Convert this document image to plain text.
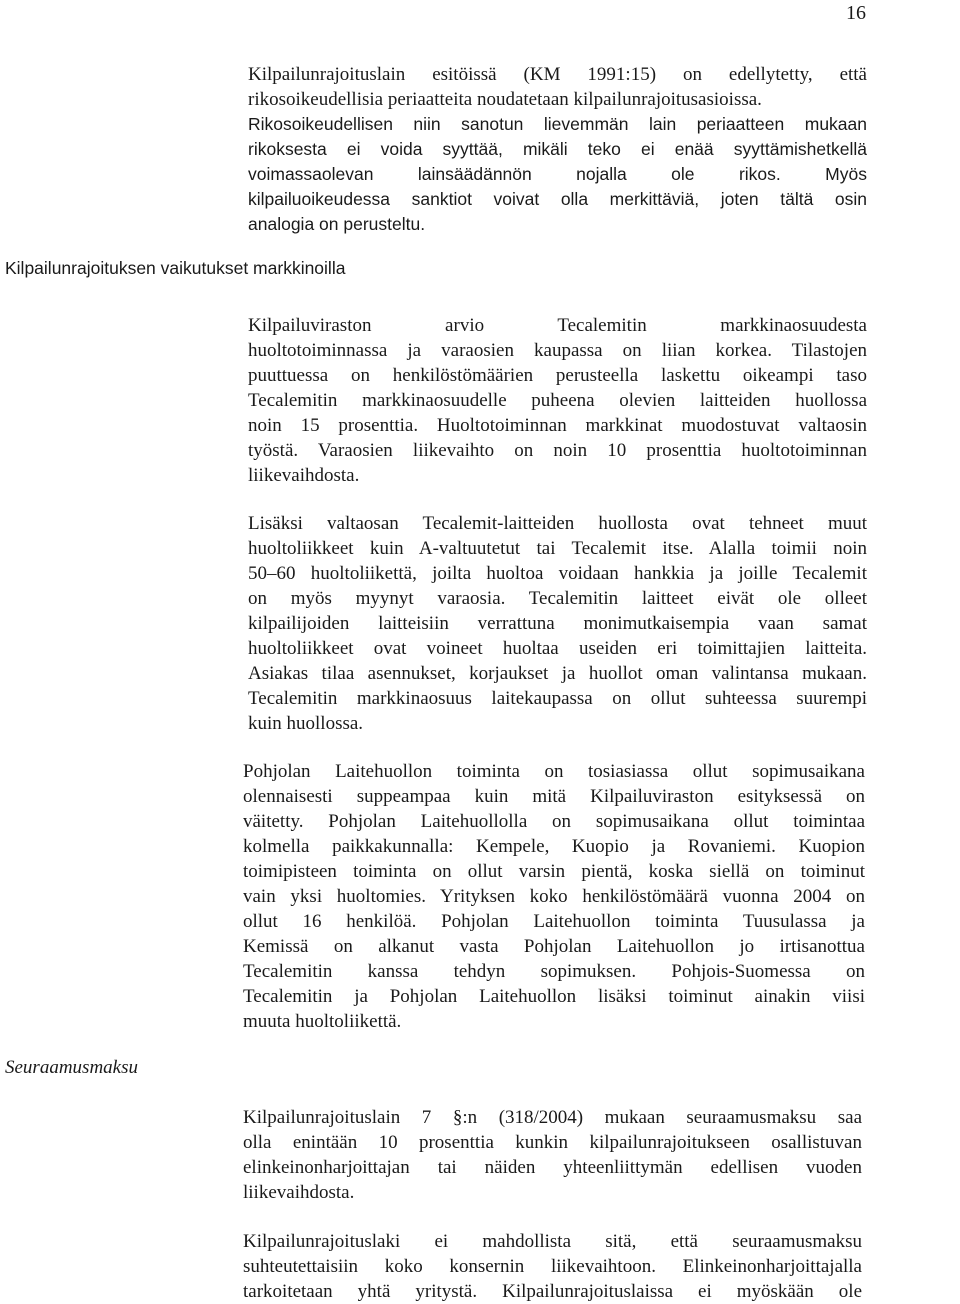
16
Kilpailunrajoituksen vaikutukset markkinoilla
Seuraamusmaksu
Kilpailunrajoituslain esitöissä (KM 1991:15) on edellytetty, että
rikosoikeudellisia periaatteita noudatetaan kilpailunrajoitusasioissa.
Rikosoikeudellisen niin sanotun lievemmän lain periaatteen mukaan
rikoksesta ei voida syyttää, mikäli teko ei enää syyttämishetkellä
voimassaolevan lainsäädännön nojalla ole rikos. Myös
kilpailuoikeudessa sanktiot voivat olla merkittäviä, joten tältä osin
analogia on perusteltu.
Kilpailuviraston arvio Tecalemitin markkinaosuudesta
huoltotoiminnassa ja varaosien kaupassa on liian korkea. Tilastojen
puuttuessa on henkilöstömäärien perusteella laskettu oikeampi taso
Tecalemitin markkinaosuudelle puheena olevien laitteiden huollossa
noin 15 prosenttia. Huoltotoiminnan markkinat muodostuvat valtaosin
työstä. Varaosien liikevaihto on noin 10 prosenttia huoltotoiminnan
liikevaihdosta.
Lisäksi valtaosan Tecalemit-laitteiden huollosta ovat tehneet muut
huoltoliikkeet kuin A-valtuutetut tai Tecalemit itse. Alalla toimii noin
50–60 huoltoliikettä, joilta huoltoa voidaan hankkia ja joille Tecalemit
on myös myynyt varaosia. Tecalemitin laitteet eivät ole olleet
kilpailijoiden laitteisiin verrattuna monimutkaisempia vaan samat
huoltoliikkeet ovat voineet huoltaa useiden eri toimittajien laitteita.
Asiakas tilaa asennukset, korjaukset ja huollot oman valintansa mukaan.
Tecalemitin markkinaosuus laitekaupassa on ollut suhteessa suurempi
kuin huollossa.
Pohjolan Laitehuollon toiminta on tosiasiassa ollut sopimusaikana
olennaisesti suppeampaa kuin mitä Kilpailuviraston esityksessä on
väitetty. Pohjolan Laitehuollolla on sopimusaikana ollut toimintaa
kolmella paikkakunnalla: Kempele, Kuopio ja Rovaniemi. Kuopion
toimipisteen toiminta on ollut varsin pientä, koska siellä on toiminut
vain yksi huoltomies. Yrityksen koko henkilöstömäärä vuonna 2004 on
ollut 16 henkilöä. Pohjolan Laitehuollon toiminta Tuusulassa ja
Kemissä on alkanut vasta Pohjolan Laitehuollon jo irtisanottua
Tecalemitin kanssa tehdyn sopimuksen. Pohjois-Suomessa on
Tecalemitin ja Pohjolan Laitehuollon lisäksi toiminut ainakin viisi
muuta huoltoliikettä.
Kilpailunrajoituslain 7 §:n (318/2004) mukaan seuraamusmaksu saa
olla enintään 10 prosenttia kunkin kilpailunrajoitukseen osallistuvan
elinkeinonharjoittajan tai näiden yhteenliittymän edellisen vuoden
liikevaihdosta.
Kilpailunrajoituslaki ei mahdollista sitä, että seuraamusmaksu
suhteutettaisiin koko konsernin liikevaihtoon. Elinkeinonharjoittajalla
tarkoitetaan yhtä yritystä. Kilpailunrajoituslaissa ei myöskään ole
